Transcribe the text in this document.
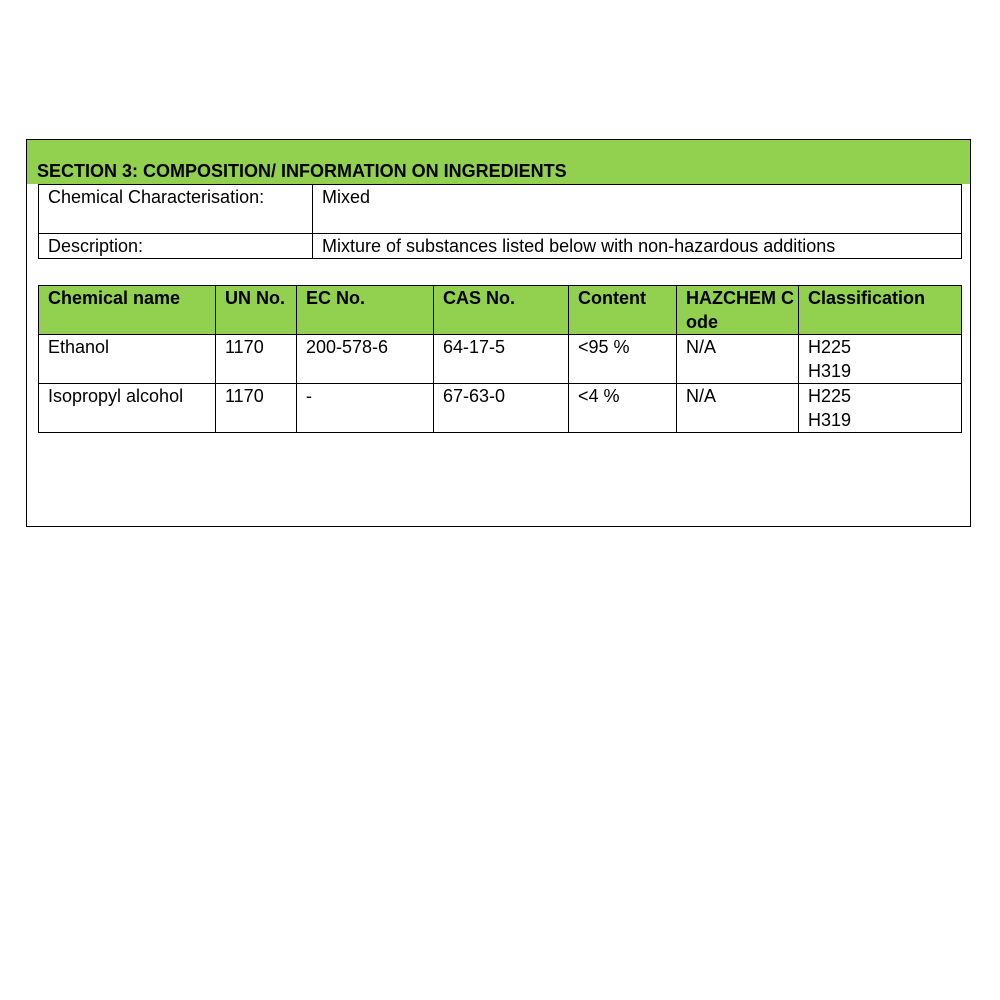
SECTION 3: COMPOSITION/ INFORMATION ON INGREDIENTS
Chemical Characterisation:	Mixed
Description:	Mixture of substances listed below with non-hazardous additions
Chemical name	UN No.	EC No.	CAS No.	Content	HAZCHEM Code	Classification
Ethanol	1170	200-578-6	64-17-5	<95 %	N/A	H225
H319

Isopropyl alcohol	1170	-	67-63-0	<4 %	N/A	H225
H319
